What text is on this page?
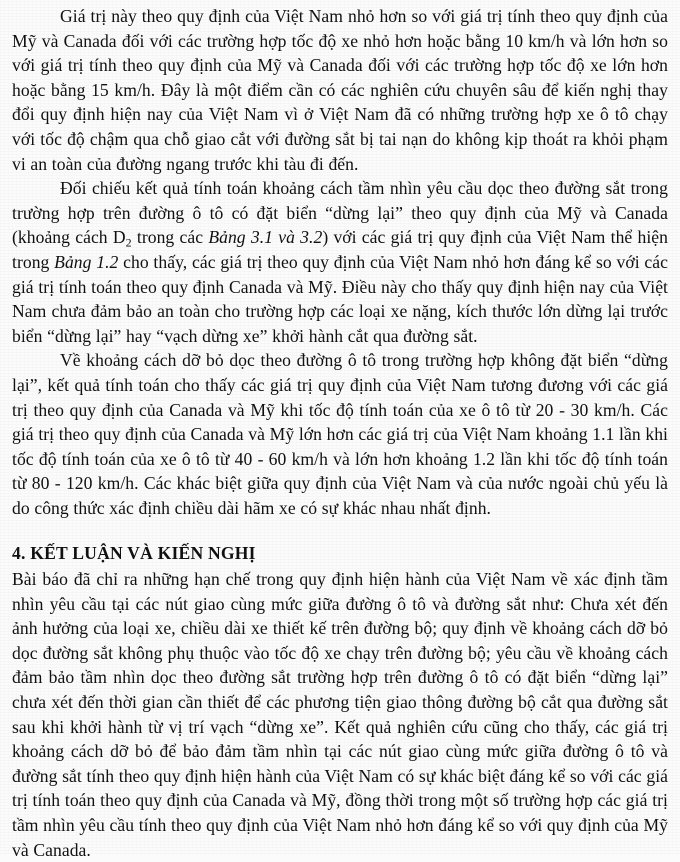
Giá trị này theo quy định của Việt Nam nhỏ hơn so với giá trị tính theo quy định của Mỹ và Canada đối với các trường hợp tốc độ xe nhỏ hơn hoặc bằng 10 km/h và lớn hơn so với giá trị tính theo quy định của Mỹ và Canada đối với các trường hợp tốc độ xe lớn hơn hoặc bằng 15 km/h. Đây là một điểm cần có các nghiên cứu chuyên sâu để kiến nghị thay đổi quy định hiện nay của Việt Nam vì ở Việt Nam đã có những trường hợp xe ô tô chạy với tốc độ chậm qua chỗ giao cắt với đường sắt bị tai nạn do không kịp thoát ra khỏi phạm vi an toàn của đường ngang trước khi tàu đi đến.

Đối chiếu kết quả tính toán khoảng cách tầm nhìn yêu cầu dọc theo đường sắt trong trường hợp trên đường ô tô có đặt biển “dừng lại” theo quy định của Mỹ và Canada (khoảng cách $D_2$ trong các Bảng 3.1 và 3.2) với các giá trị quy định của Việt Nam thể hiện trong Bảng 1.2 cho thấy, các giá trị theo quy định của Việt Nam nhỏ hơn đáng kể so với các giá trị tính toán theo quy định Canada và Mỹ. Điều này cho thấy quy định hiện nay của Việt Nam chưa đảm bảo an toàn cho trường hợp các loại xe nặng, kích thước lớn dừng lại trước biển “dừng lại” hay “vạch dừng xe” khởi hành cắt qua đường sắt.

Về khoảng cách dỡ bỏ dọc theo đường ô tô trong trường hợp không đặt biển “dừng lại”, kết quả tính toán cho thấy các giá trị quy định của Việt Nam tương đương với các giá trị theo quy định của Canada và Mỹ khi tốc độ tính toán của xe ô tô từ 20 - 30 km/h. Các giá trị theo quy định của Canada và Mỹ lớn hơn các giá trị của Việt Nam khoảng 1.1 lần khi tốc độ tính toán của xe ô tô từ 40 - 60 km/h và lớn hơn khoảng 1.2 lần khi tốc độ tính toán từ 80 - 120 km/h. Các khác biệt giữa quy định của Việt Nam và của nước ngoài chủ yếu là do công thức xác định chiều dài hãm xe có sự khác nhau nhất định.

4. KẾT LUẬN VÀ KIẾN NGHỊ

Bài báo đã chỉ ra những hạn chế trong quy định hiện hành của Việt Nam về xác định tầm nhìn yêu cầu tại các nút giao cùng mức giữa đường ô tô và đường sắt như: Chưa xét đến ảnh hưởng của loại xe, chiều dài xe thiết kế trên đường bộ; quy định về khoảng cách dỡ bỏ dọc đường sắt không phụ thuộc vào tốc độ xe chạy trên đường bộ; yêu cầu về khoảng cách đảm bảo tầm nhìn dọc theo đường sắt trường hợp trên đường ô tô có đặt biển “dừng lại” chưa xét đến thời gian cần thiết để các phương tiện giao thông đường bộ cắt qua đường sắt sau khi khởi hành từ vị trí vạch “dừng xe”. Kết quả nghiên cứu cũng cho thấy, các giá trị khoảng cách dỡ bỏ để bảo đảm tầm nhìn tại các nút giao cùng mức giữa đường ô tô và đường sắt tính theo quy định hiện hành của Việt Nam có sự khác biệt đáng kể so với các giá trị tính toán theo quy định của Canada và Mỹ, đồng thời trong một số trường hợp các giá trị tầm nhìn yêu cầu tính theo quy định của Việt Nam nhỏ hơn đáng kể so với quy định của Mỹ và Canada.
